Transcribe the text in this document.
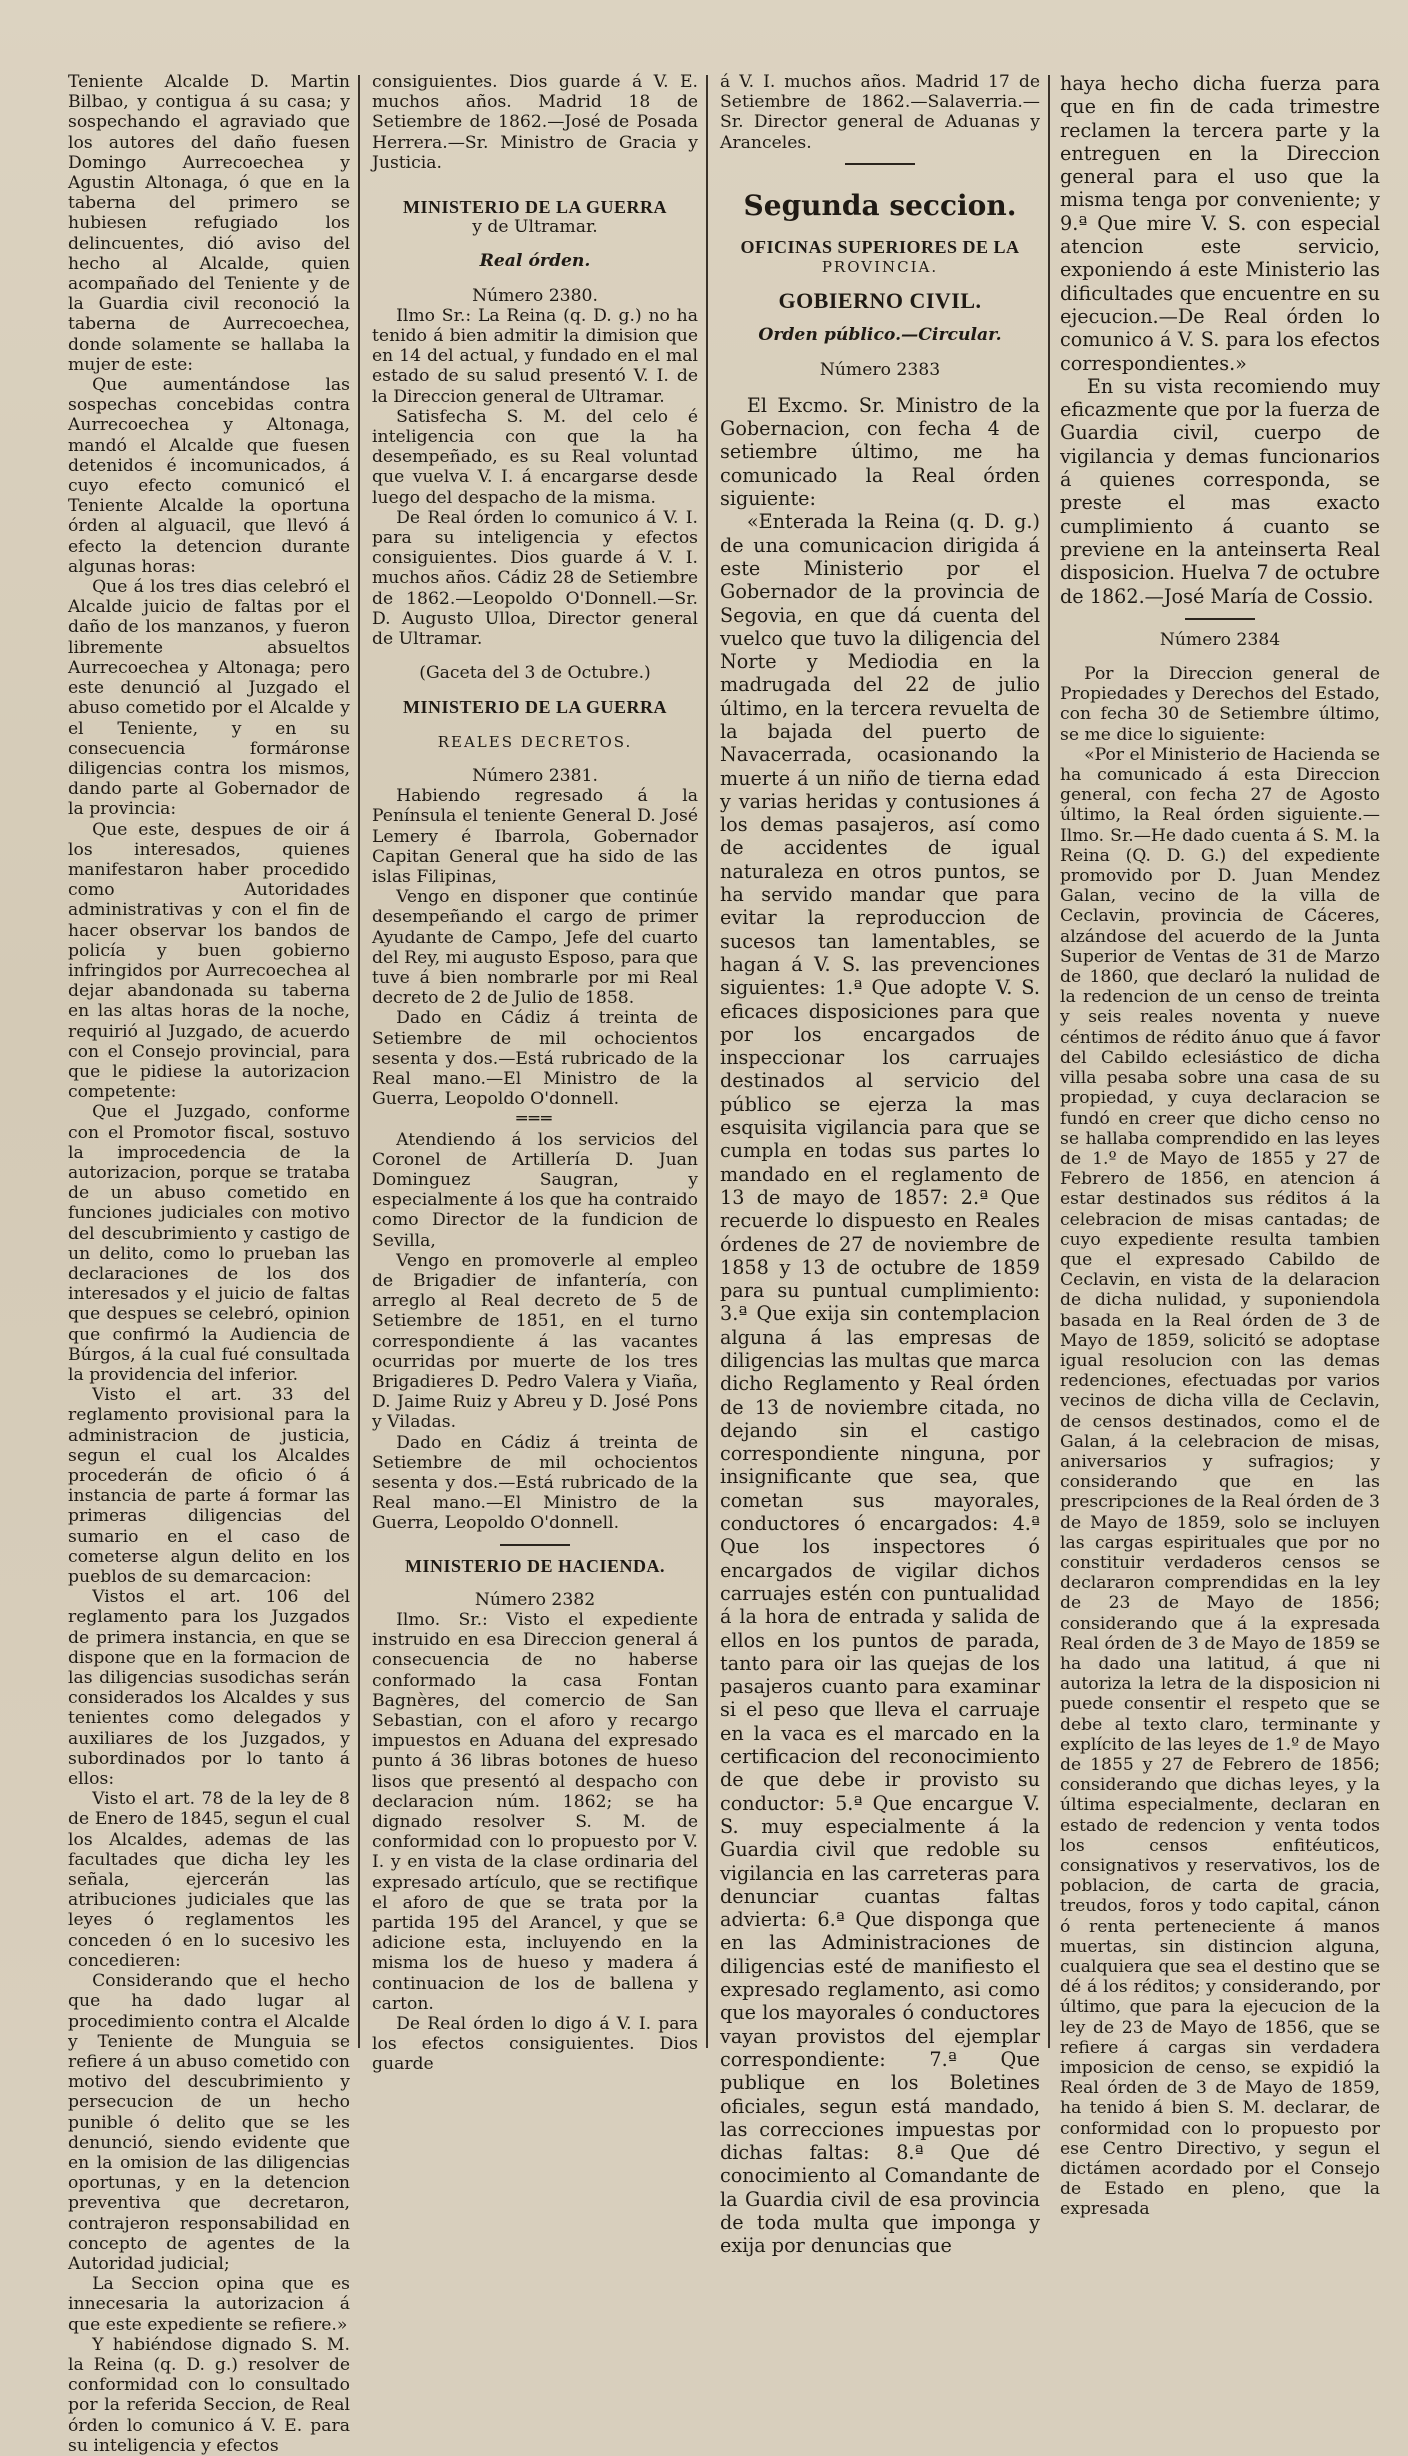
Teniente Alcalde D. Martin Bilbao, y contigua á su casa; y sospechando el agraviado que los autores del daño fuesen Domingo Aurrecoechea y Agustin Altonaga, ó que en la taberna del primero se hubiesen refugiado los delincuentes, dió aviso del hecho al Alcalde, quien acompañado del Teniente y de la Guardia civil reconoció la taberna de Aurrecoechea, donde solamente se hallaba la mujer de este:

Que aumentándose las sospechas concebidas contra Aurrecoechea y Altonaga, mandó el Alcalde que fuesen detenidos é incomunicados, á cuyo efecto comunicó el Teniente Alcalde la oportuna órden al alguacil, que llevó á efecto la detencion durante algunas horas:

Que á los tres dias celebró el Alcalde juicio de faltas por el daño de los manzanos, y fueron libremente absueltos Aurrecoechea y Altonaga; pero este denunció al Juzgado el abuso cometido por el Alcalde y el Teniente, y en su consecuencia formáronse diligencias contra los mismos, dando parte al Gobernador de la provincia:

Que este, despues de oir á los interesados, quienes manifestaron haber procedido como Autoridades administrativas y con el fin de hacer observar los bandos de policía y buen gobierno infringidos por Aurrecoechea al dejar abandonada su taberna en las altas horas de la noche, requirió al Juzgado, de acuerdo con el Consejo provincial, para que le pidiese la autorizacion competente:

Que el Juzgado, conforme con el Promotor fiscal, sostuvo la improcedencia de la autorizacion, porque se trataba de un abuso cometido en funciones judiciales con motivo del descubrimiento y castigo de un delito, como lo prueban las declaraciones de los dos interesados y el juicio de faltas que despues se celebró, opinion que confirmó la Audiencia de Búrgos, á la cual fué consultada la providencia del inferior.

Visto el art. 33 del reglamento provisional para la administracion de justicia, segun el cual los Alcaldes procederán de oficio ó á instancia de parte á formar las primeras diligencias del sumario en el caso de cometerse algun delito en los pueblos de su demarcacion:

Vistos el art. 106 del reglamento para los Juzgados de primera instancia, en que se dispone que en la formacion de las diligencias susodichas serán considerados los Alcaldes y sus tenientes como delegados y auxiliares de los Juzgados, y subordinados por lo tanto á ellos:

Visto el art. 78 de la ley de 8 de Enero de 1845, segun el cual los Alcaldes, ademas de las facultades que dicha ley les señala, ejercerán las atribuciones judiciales que las leyes ó reglamentos les conceden ó en lo sucesivo les concedieren:

Considerando que el hecho que ha dado lugar al procedimiento contra el Alcalde y Teniente de Munguia se refiere á un abuso cometido con motivo del descubrimiento y persecucion de un hecho punible ó delito que se les denunció, siendo evidente que en la omision de las diligencias oportunas, y en la detencion preventiva que decretaron, contrajeron responsabilidad en concepto de agentes de la Autoridad judicial;

La Seccion opina que es innecesaria la autorizacion á que este expediente se refiere.»

Y habiéndose dignado S. M. la Reina (q. D. g.) resolver de conformidad con lo consultado por la referida Seccion, de Real órden lo comunico á V. E. para su inteligencia y efectos

consiguientes. Dios guarde á V. E. muchos años. Madrid 18 de Setiembre de 1862.—José de Posada Herrera.—Sr. Ministro de Gracia y Justicia.

MINISTERIO DE LA GUERRA

y de Ultramar.

Real órden.

Número 2380.

Ilmo Sr.: La Reina (q. D. g.) no ha tenido á bien admitir la dimision que en 14 del actual, y fundado en el mal estado de su salud presentó V. I. de la Direccion general de Ultramar.

Satisfecha S. M. del celo é inteligencia con que la ha desempeñado, es su Real voluntad que vuelva V. I. á encargarse desde luego del despacho de la misma.

De Real órden lo comunico á V. I. para su inteligencia y efectos consiguientes. Dios guarde á V. I. muchos años. Cádiz 28 de Setiembre de 1862.—Leopoldo O'Donnell.—Sr. D. Augusto Ulloa, Director general de Ultramar.

(Gaceta del 3 de Octubre.)

MINISTERIO DE LA GUERRA

REALES DECRETOS.

Número 2381.

Habiendo regresado á la Península el teniente General D. José Lemery é Ibarrola, Gobernador Capitan General que ha sido de las islas Filipinas,

Vengo en disponer que continúe desempeñando el cargo de primer Ayudante de Campo, Jefe del cuarto del Rey, mi augusto Esposo, para que tuve á bien nombrarle por mi Real decreto de 2 de Julio de 1858.

Dado en Cádiz á treinta de Setiembre de mil ochocientos sesenta y dos.—Está rubricado de la Real mano.—El Ministro de la Guerra, Leopoldo O'donnell.

═══

Atendiendo á los servicios del Coronel de Artillería D. Juan Dominguez Saugran, y especialmente á los que ha contraido como Director de la fundicion de Sevilla,

Vengo en promoverle al empleo de Brigadier de infantería, con arreglo al Real decreto de 5 de Setiembre de 1851, en el turno correspondiente á las vacantes ocurridas por muerte de los tres Brigadieres D. Pedro Valera y Viaña, D. Jaime Ruiz y Abreu y D. José Pons y Viladas.

Dado en Cádiz á treinta de Setiembre de mil ochocientos sesenta y dos.—Está rubricado de la Real mano.—El Ministro de la Guerra, Leopoldo O'donnell.

MINISTERIO DE HACIENDA.

Número 2382

Ilmo. Sr.: Visto el expediente instruido en esa Direccion general á consecuencia de no haberse conformado la casa Fontan Bagnères, del comercio de San Sebastian, con el aforo y recargo impuestos en Aduana del expresado punto á 36 libras botones de hueso lisos que presentó al despacho con declaracion núm. 1862; se ha dignado resolver S. M. de conformidad con lo propuesto por V. I. y en vista de la clase ordinaria del expresado artículo, que se rectifique el aforo de que se trata por la partida 195 del Arancel, y que se adicione esta, incluyendo en la misma los de hueso y madera á continuacion de los de ballena y carton.

De Real órden lo digo á V. I. para los efectos consiguientes. Dios guarde

á V. I. muchos años. Madrid 17 de Setiembre de 1862.—Salaverria.—Sr. Director general de Aduanas y Aranceles.

Segunda seccion.

OFICINAS SUPERIORES DE LA

PROVINCIA.

GOBIERNO CIVIL.

Orden público.—Circular.

Número 2383

El Excmo. Sr. Ministro de la Gobernacion, con fecha 4 de setiembre último, me ha comunicado la Real órden siguiente:

«Enterada la Reina (q. D. g.) de una comunicacion dirigida á este Ministerio por el Gobernador de la provincia de Segovia, en que dá cuenta del vuelco que tuvo la diligencia del Norte y Mediodia en la madrugada del 22 de julio último, en la tercera revuelta de la bajada del puerto de Navacerrada, ocasionando la muerte á un niño de tierna edad y varias heridas y contusiones á los demas pasajeros, así como de accidentes de igual naturaleza en otros puntos, se ha servido mandar que para evitar la reproduccion de sucesos tan lamentables, se hagan á V. S. las prevenciones siguientes: 1.ª Que adopte V. S. eficaces disposiciones para que por los encargados de inspeccionar los carruajes destinados al servicio del público se ejerza la mas esquisita vigilancia para que se cumpla en todas sus partes lo mandado en el reglamento de 13 de mayo de 1857: 2.ª Que recuerde lo dispuesto en Reales órdenes de 27 de noviembre de 1858 y 13 de octubre de 1859 para su puntual cumplimiento: 3.ª Que exija sin contemplacion alguna á las empresas de diligencias las multas que marca dicho Reglamento y Real órden de 13 de noviembre citada, no dejando sin el castigo correspondiente ninguna, por insignificante que sea, que cometan sus mayorales, conductores ó encargados: 4.ª Que los inspectores ó encargados de vigilar dichos carruajes estén con puntualidad á la hora de entrada y salida de ellos en los puntos de parada, tanto para oir las quejas de los pasajeros cuanto para examinar si el peso que lleva el carruaje en la vaca es el marcado en la certificacion del reconocimiento de que debe ir provisto su conductor: 5.ª Que encargue V. S. muy especialmente á la Guardia civil que redoble su vigilancia en las carreteras para denunciar cuantas faltas advierta: 6.ª Que disponga que en las Administraciones de diligencias esté de manifiesto el expresado reglamento, asi como que los mayorales ó conductores vayan provistos del ejemplar correspondiente: 7.ª Que publique en los Boletines oficiales, segun está mandado, las correcciones impuestas por dichas faltas: 8.ª Que dé conocimiento al Comandante de la Guardia civil de esa provincia de toda multa que imponga y exija por denuncias que

haya hecho dicha fuerza para que en fin de cada trimestre reclamen la tercera parte y la entreguen en la Direccion general para el uso que la misma tenga por conveniente; y 9.ª Que mire V. S. con especial atencion este servicio, exponiendo á este Ministerio las dificultades que encuentre en su ejecucion.—De Real órden lo comunico á V. S. para los efectos correspondientes.»

En su vista recomiendo muy eficazmente que por la fuerza de Guardia civil, cuerpo de vigilancia y demas funcionarios á quienes corresponda, se preste el mas exacto cumplimiento á cuanto se previene en la anteinserta Real disposicion. Huelva 7 de octubre de 1862.—José María de Cossio.

Número 2384

Por la Direccion general de Propiedades y Derechos del Estado, con fecha 30 de Setiembre último, se me dice lo siguiente:

«Por el Ministerio de Hacienda se ha comunicado á esta Direccion general, con fecha 27 de Agosto último, la Real órden siguiente.—Ilmo. Sr.—He dado cuenta á S. M. la Reina (Q. D. G.) del expediente promovido por D. Juan Mendez Galan, vecino de la villa de Ceclavin, provincia de Cáceres, alzándose del acuerdo de la Junta Superior de Ventas de 31 de Marzo de 1860, que declaró la nulidad de la redencion de un censo de treinta y seis reales noventa y nueve céntimos de rédito ánuo que á favor del Cabildo eclesiástico de dicha villa pesaba sobre una casa de su propiedad, y cuya declaracion se fundó en creer que dicho censo no se hallaba comprendido en las leyes de 1.º de Mayo de 1855 y 27 de Febrero de 1856, en atencion á estar destinados sus réditos á la celebracion de misas cantadas; de cuyo expediente resulta tambien que el expresado Cabildo de Ceclavin, en vista de la delaracion de dicha nulidad, y suponiendola basada en la Real órden de 3 de Mayo de 1859, solicitó se adoptase igual resolucion con las demas redenciones, efectuadas por varios vecinos de dicha villa de Ceclavin, de censos destinados, como el de Galan, á la celebracion de misas, aniversarios y sufragios; y considerando que en las prescripciones de la Real órden de 3 de Mayo de 1859, solo se incluyen las cargas espirituales que por no constituir verdaderos censos se declararon comprendidas en la ley de 23 de Mayo de 1856; considerando que á la expresada Real órden de 3 de Mayo de 1859 se ha dado una latitud, á que ni autoriza la letra de la disposicion ni puede consentir el respeto que se debe al texto claro, terminante y explícito de las leyes de 1.º de Mayo de 1855 y 27 de Febrero de 1856; considerando que dichas leyes, y la última especialmente, declaran en estado de redencion y venta todos los censos enfitéuticos, consignativos y reservativos, los de poblacion, de carta de gracia, treudos, foros y todo capital, cánon ó renta perteneciente á manos muertas, sin distincion alguna, cualquiera que sea el destino que se dé á los réditos; y considerando, por último, que para la ejecucion de la ley de 23 de Mayo de 1856, que se refiere á cargas sin verdadera imposicion de censo, se expidió la Real órden de 3 de Mayo de 1859, ha tenido á bien S. M. declarar, de conformidad con lo propuesto por ese Centro Directivo, y segun el dictámen acordado por el Consejo de Estado en pleno, que la expresada
